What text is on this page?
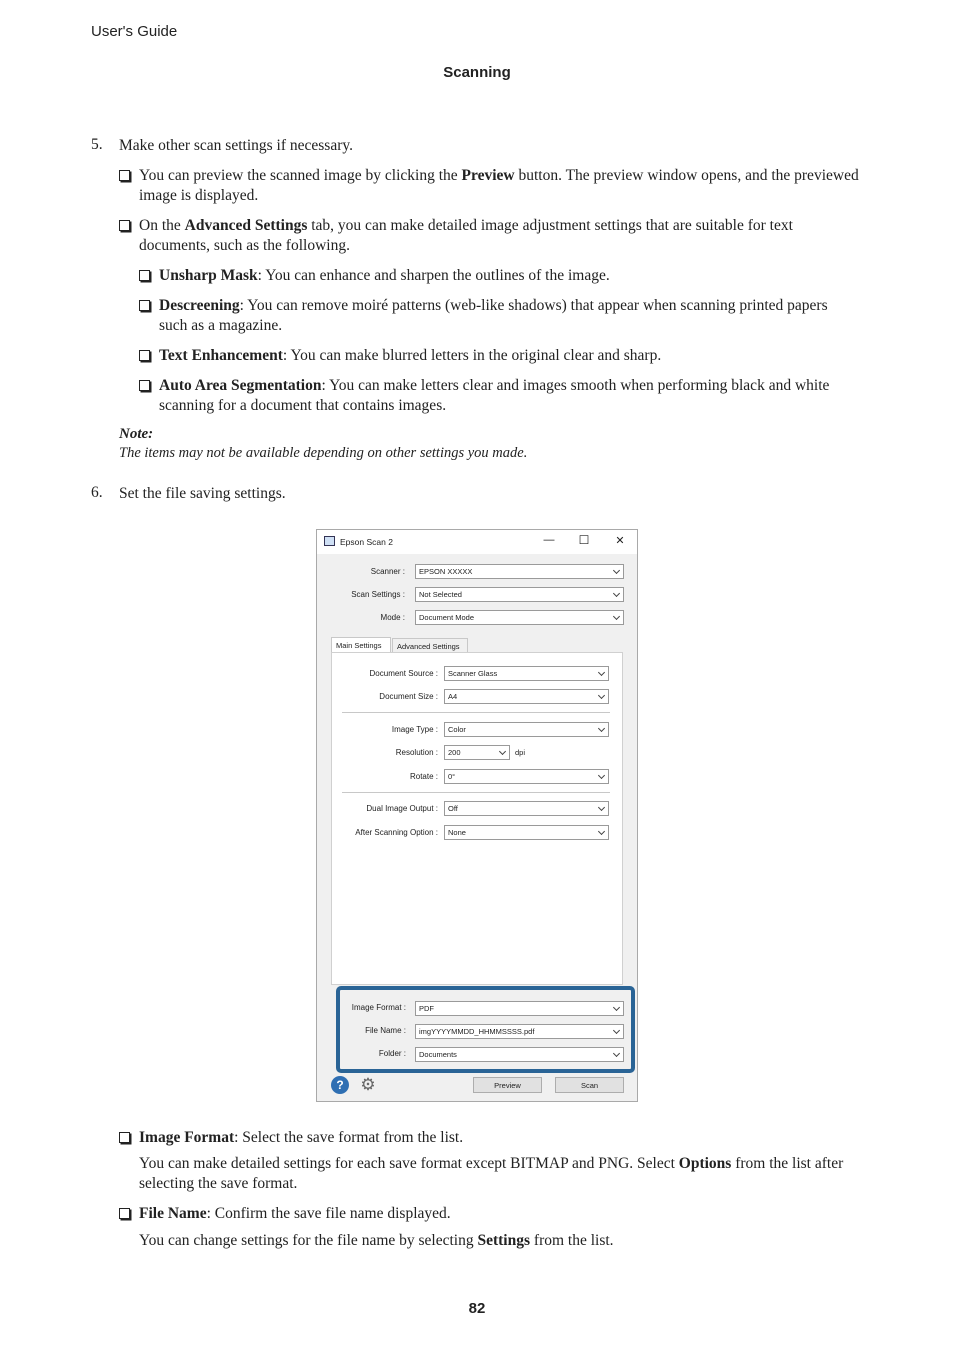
User's Guide
Scanning
5. Make other scan settings if necessary.
You can preview the scanned image by clicking the Preview button. The preview window opens, and the previewed image is displayed.
On the Advanced Settings tab, you can make detailed image adjustment settings that are suitable for text documents, such as the following.
Unsharp Mask: You can enhance and sharpen the outlines of the image.
Descreening: You can remove moiré patterns (web-like shadows) that appear when scanning printed papers such as a magazine.
Text Enhancement: You can make blurred letters in the original clear and sharp.
Auto Area Segmentation: You can make letters clear and images smooth when performing black and white scanning for a document that contains images.
Note:
The items may not be available depending on other settings you made.
6. Set the file saving settings.
Epson Scan 2	— ☐	✕
Scanner :	EPSON XXXXX
Scan Settings :	Not Selected
Mode :	Document Mode
Main Settings	Advanced Settings
Document Source :	Scanner Glass
Document Size :	A4
Image Type :	Color
Resolution :	200	dpi
Rotate :	0°
Dual Image Output :	Off
After Scanning Option :	None
Image Format :	PDF
File Name :	imgYYYYMMDD_HHMMSSSS.pdf
Folder :	Documents
? ⚙	Preview	Scan
Image Format: Select the save format from the list.
You can make detailed settings for each save format except BITMAP and PNG. Select Options from the list after selecting the save format.
File Name: Confirm the save file name displayed.
You can change settings for the file name by selecting Settings from the list.
82
